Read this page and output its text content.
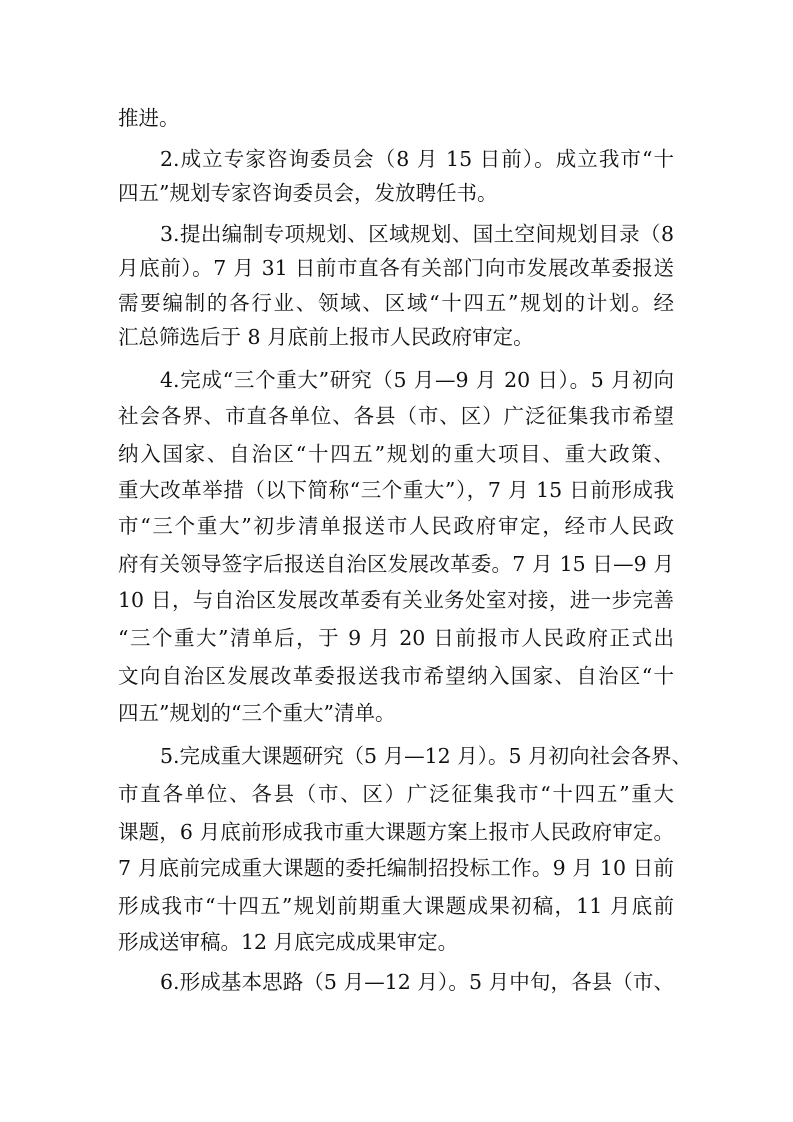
推进。
2.成立专家咨询委员会（8 月 15 日前）。成立我市“十
四五”规划专家咨询委员会，发放聘任书。
3.提出编制专项规划、区域规划、国土空间规划目录（8
月底前）。7 月 31 日前市直各有关部门向市发展改革委报送
需要编制的各行业、领域、区域“十四五”规划的计划。经
汇总筛选后于 8 月底前上报市人民政府审定。
4.完成“三个重大”研究（5 月—9 月 20 日）。5 月初向
社会各界、市直各单位、各县（市、区）广泛征集我市希望
纳入国家、自治区“十四五”规划的重大项目、重大政策、
重大改革举措（以下简称“三个重大”），7 月 15 日前形成我
市“三个重大”初步清单报送市人民政府审定，经市人民政
府有关领导签字后报送自治区发展改革委。7 月 15 日—9 月
10 日，与自治区发展改革委有关业务处室对接，进一步完善
“三个重大”清单后，于 9 月 20 日前报市人民政府正式出
文向自治区发展改革委报送我市希望纳入国家、自治区“十
四五”规划的“三个重大”清单。
5.完成重大课题研究（5 月—12 月）。5 月初向社会各界、
市直各单位、各县（市、区）广泛征集我市“十四五”重大
课题，6 月底前形成我市重大课题方案上报市人民政府审定。
7 月底前完成重大课题的委托编制招投标工作。9 月 10 日前
形成我市“十四五”规划前期重大课题成果初稿，11 月底前
形成送审稿。12 月底完成成果审定。
6.形成基本思路（5 月—12 月）。5 月中旬，各县（市、
